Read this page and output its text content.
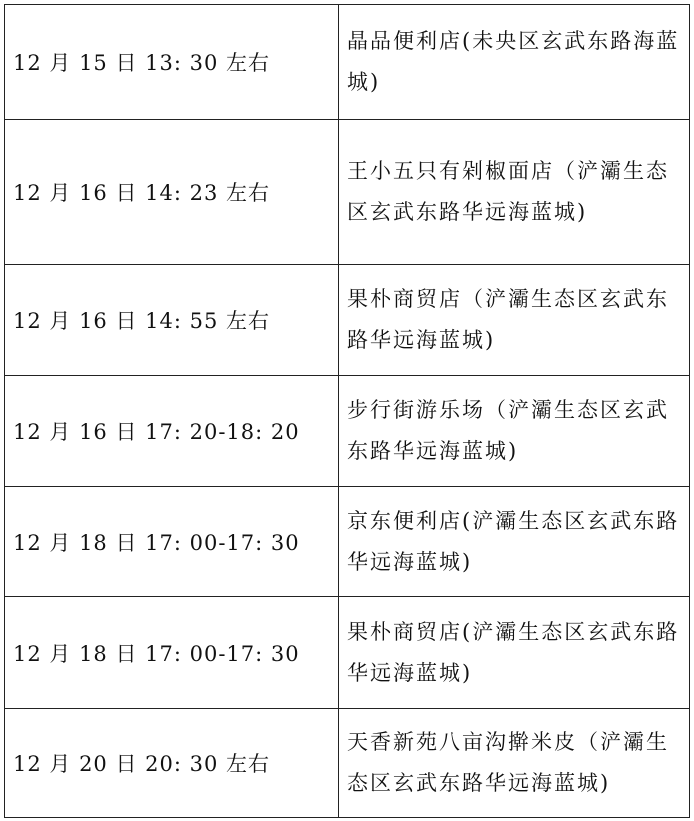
12 月 15 日 13: 30 左右
晶品便利店(未央区玄武东路海蓝城)
12 月 16 日 14: 23 左右
王小五只有剁椒面店（浐灞生态区玄武东路华远海蓝城)
12 月 16 日 14: 55 左右
果朴商贸店（浐灞生态区玄武东路华远海蓝城)
12 月 16 日 17: 20-18: 20
步行街游乐场（浐灞生态区玄武东路华远海蓝城)
12 月 18 日 17: 00-17: 30
京东便利店(浐灞生态区玄武东路华远海蓝城)
12 月 18 日 17: 00-17: 30
果朴商贸店(浐灞生态区玄武东路华远海蓝城)
12 月 20 日 20: 30 左右
天香新苑八亩沟擀米皮（浐灞生态区玄武东路华远海蓝城)
